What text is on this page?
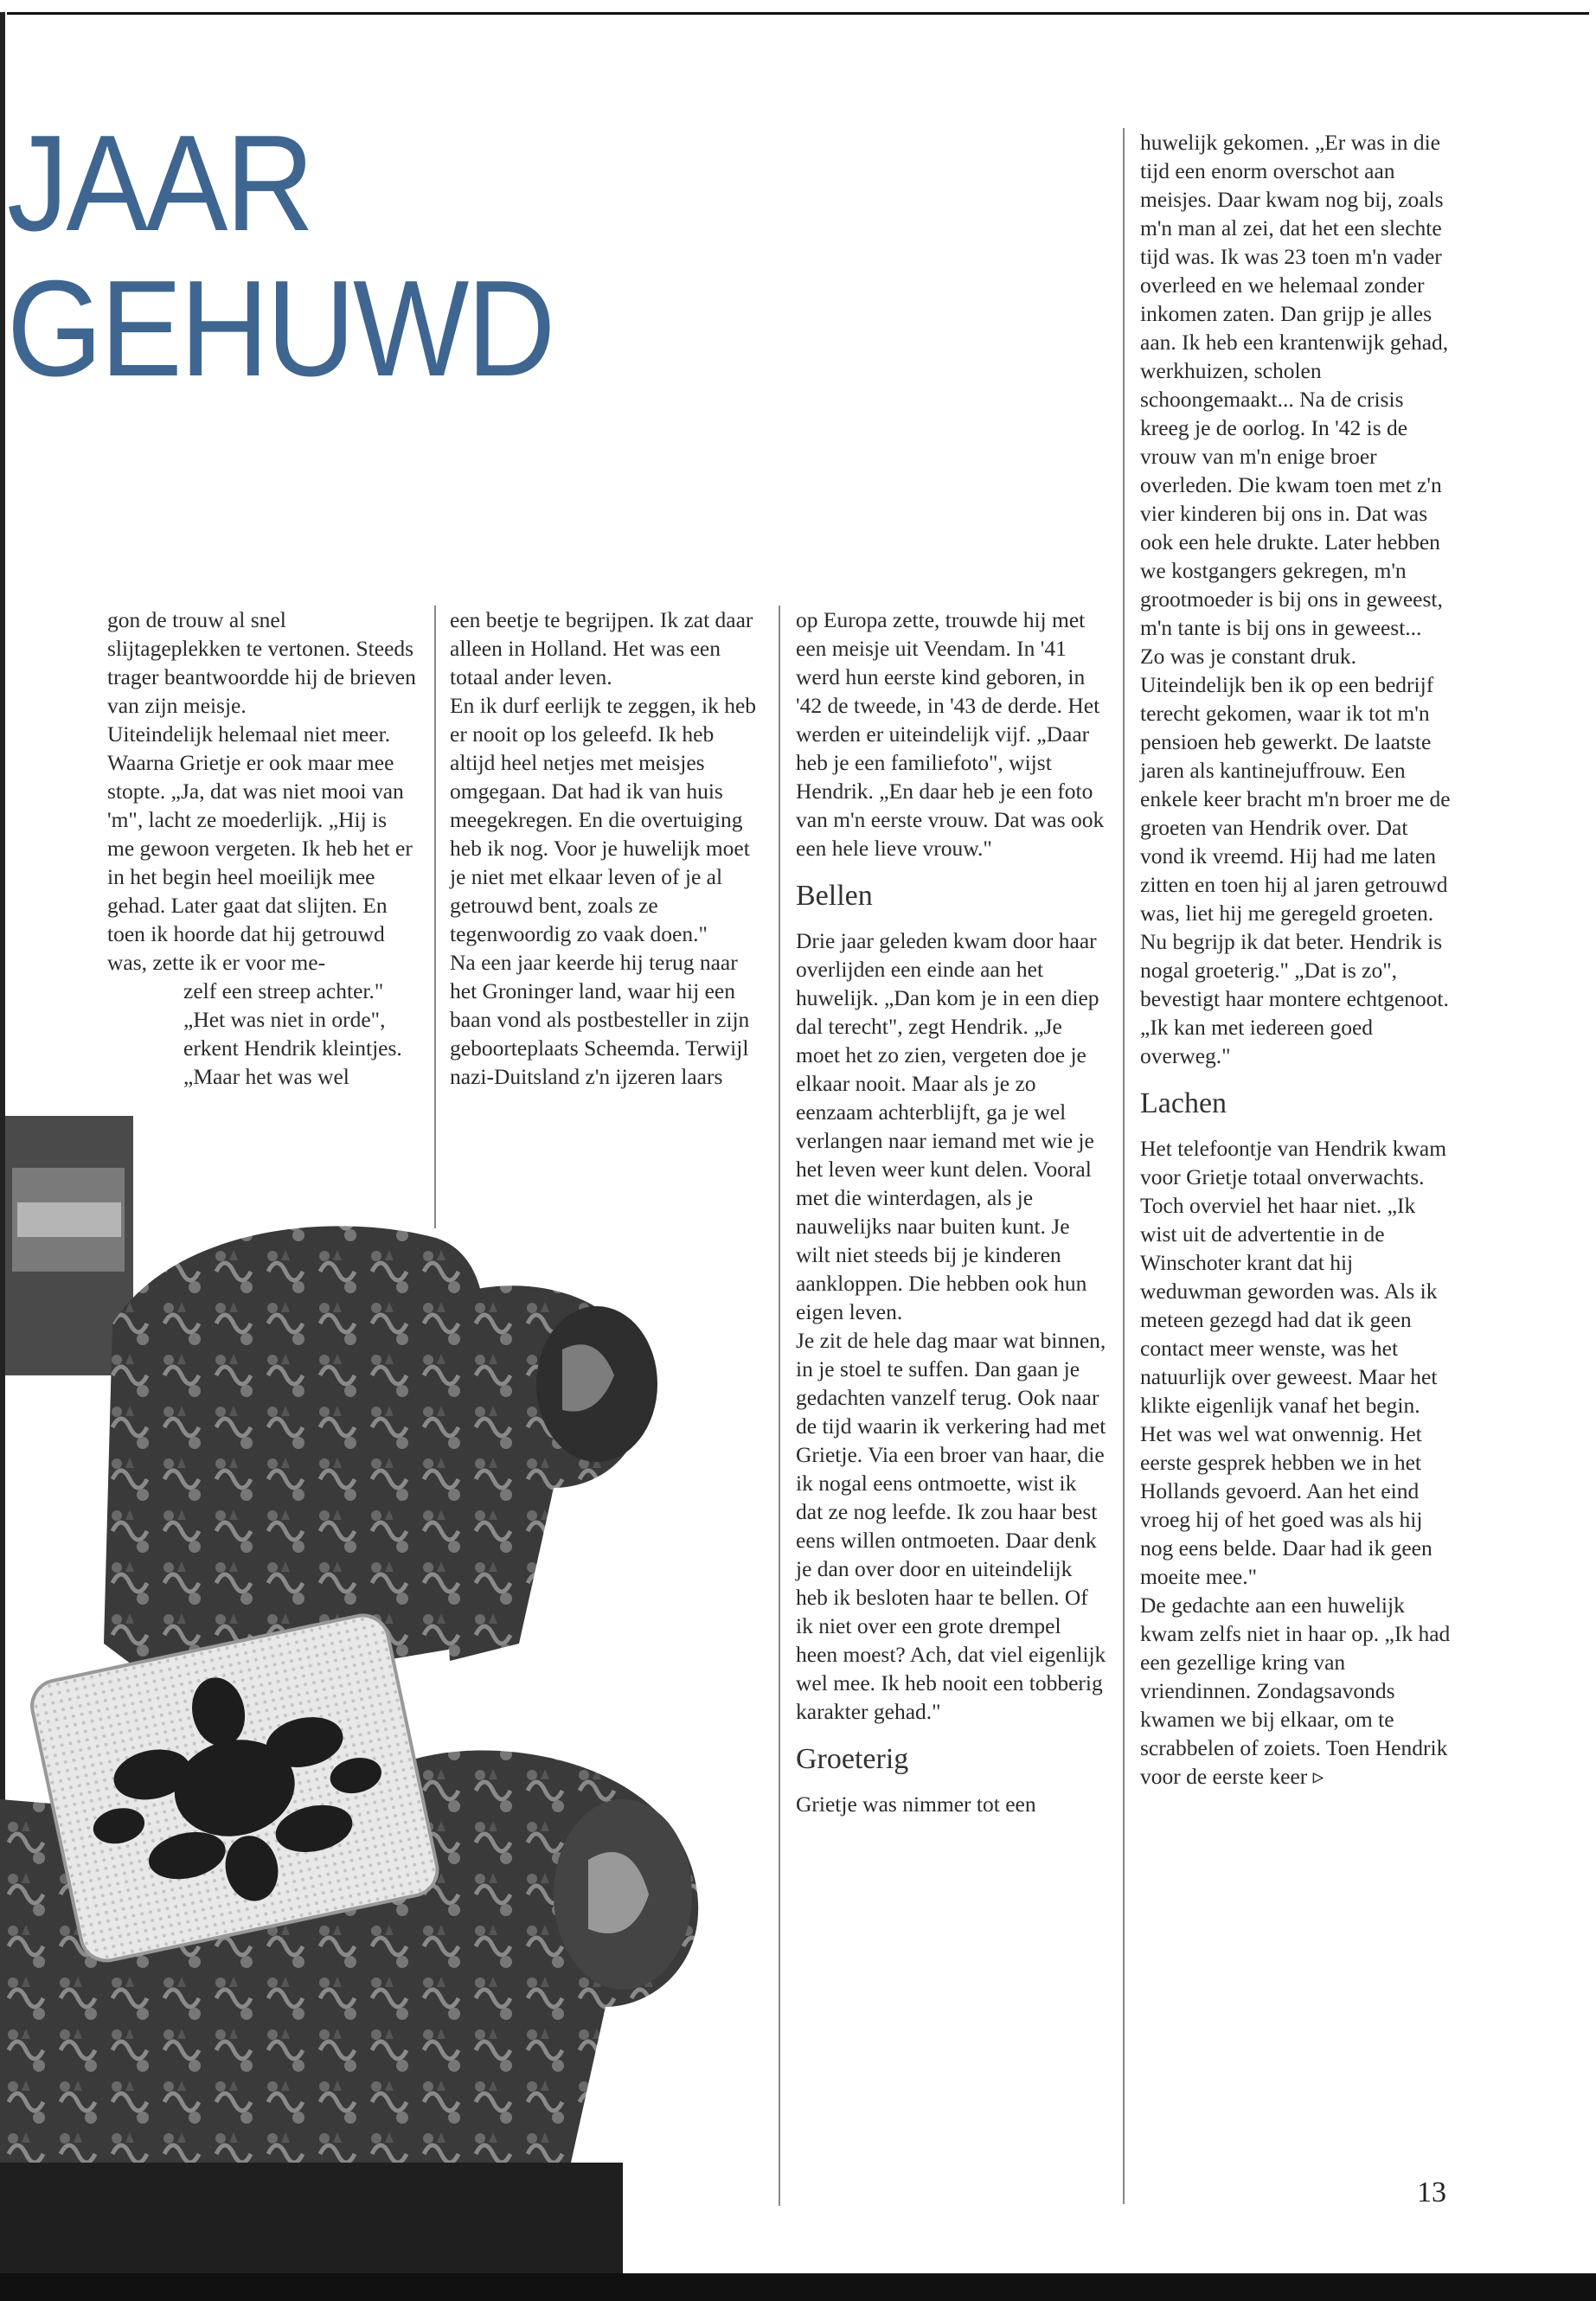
JAAR
GEHUWD

gon de trouw al snel slijtageplekken te vertonen. Steeds trager beantwoordde hij de brieven van zijn meisje.

Uiteindelijk helemaal niet meer. Waarna Grietje er ook maar mee stopte. „Ja, dat was niet mooi van 'm", lacht ze moederlijk. „Hij is me gewoon vergeten. Ik heb het er in het begin heel moeilijk mee gehad. Later gaat dat slijten. En toen ik hoorde dat hij getrouwd was, zette ik er voor me-

zelf een streep achter."

„Het was niet in orde", erkent Hendrik kleintjes. „Maar het was wel

een beetje te begrijpen. Ik zat daar alleen in Holland. Het was een totaal ander leven.

En ik durf eerlijk te zeggen, ik heb er nooit op los geleefd. Ik heb altijd heel netjes met meisjes omgegaan. Dat had ik van huis meegekregen. En die overtuiging heb ik nog. Voor je huwelijk moet je niet met elkaar leven of je al getrouwd bent, zoals ze tegenwoordig zo vaak doen."

Na een jaar keerde hij terug naar het Groninger land, waar hij een baan vond als postbesteller in zijn geboorteplaats Scheemda. Terwijl nazi-Duitsland z'n ijzeren laars

op Europa zette, trouwde hij met een meisje uit Veendam. In '41 werd hun eerste kind geboren, in '42 de tweede, in '43 de derde. Het werden er uiteindelijk vijf. „Daar heb je een familiefoto", wijst Hendrik. „En daar heb je een foto van m'n eerste vrouw. Dat was ook een hele lieve vrouw."

Bellen

Drie jaar geleden kwam door haar overlijden een einde aan het huwelijk. „Dan kom je in een diep dal terecht", zegt Hendrik. „Je moet het zo zien, vergeten doe je elkaar nooit. Maar als je zo eenzaam achterblijft, ga je wel verlangen naar iemand met wie je het leven weer kunt delen. Vooral met die winterdagen, als je nauwelijks naar buiten kunt. Je wilt niet steeds bij je kinderen aankloppen. Die hebben ook hun eigen leven.

Je zit de hele dag maar wat binnen, in je stoel te suffen. Dan gaan je gedachten vanzelf terug. Ook naar de tijd waarin ik verkering had met Grietje. Via een broer van haar, die ik nogal eens ontmoette, wist ik dat ze nog leefde. Ik zou haar best eens willen ontmoeten. Daar denk je dan over door en uiteindelijk heb ik besloten haar te bellen. Of ik niet over een grote drempel heen moest? Ach, dat viel eigenlijk wel mee. Ik heb nooit een tobberig karakter gehad."

Groeterig

Grietje was nimmer tot een

huwelijk gekomen. „Er was in die tijd een enorm overschot aan meisjes. Daar kwam nog bij, zoals m'n man al zei, dat het een slechte tijd was. Ik was 23 toen m'n vader overleed en we helemaal zonder inkomen zaten. Dan grijp je alles aan. Ik heb een krantenwijk gehad, werkhuizen, scholen schoongemaakt... Na de crisis kreeg je de oorlog. In '42 is de vrouw van m'n enige broer overleden. Die kwam toen met z'n vier kinderen bij ons in. Dat was ook een hele drukte. Later hebben we kostgangers gekregen, m'n grootmoeder is bij ons in geweest, m'n tante is bij ons in geweest... Zo was je constant druk.

Uiteindelijk ben ik op een bedrijf terecht gekomen, waar ik tot m'n pensioen heb gewerkt. De laatste jaren als kantinejuffrouw. Een enkele keer bracht m'n broer me de groeten van Hendrik over. Dat vond ik vreemd. Hij had me laten zitten en toen hij al jaren getrouwd was, liet hij me geregeld groeten. Nu begrijp ik dat beter. Hendrik is nogal groeterig." „Dat is zo", bevestigt haar montere echtgenoot. „Ik kan met iedereen goed overweg."

Lachen

Het telefoontje van Hendrik kwam voor Grietje totaal onverwachts. Toch overviel het haar niet. „Ik wist uit de advertentie in de Winschoter krant dat hij weduwman geworden was. Als ik meteen gezegd had dat ik geen contact meer wenste, was het natuurlijk over geweest. Maar het klikte eigenlijk vanaf het begin. Het was wel wat onwennig. Het eerste gesprek hebben we in het Hollands gevoerd. Aan het eind vroeg hij of het goed was als hij nog eens belde. Daar had ik geen moeite mee."

De gedachte aan een huwelijk kwam zelfs niet in haar op. „Ik had een gezellige kring van vriendinnen. Zondagsavonds kwamen we bij elkaar, om te scrabbelen of zoiets. Toen Hendrik voor de eerste keer ▹

13
